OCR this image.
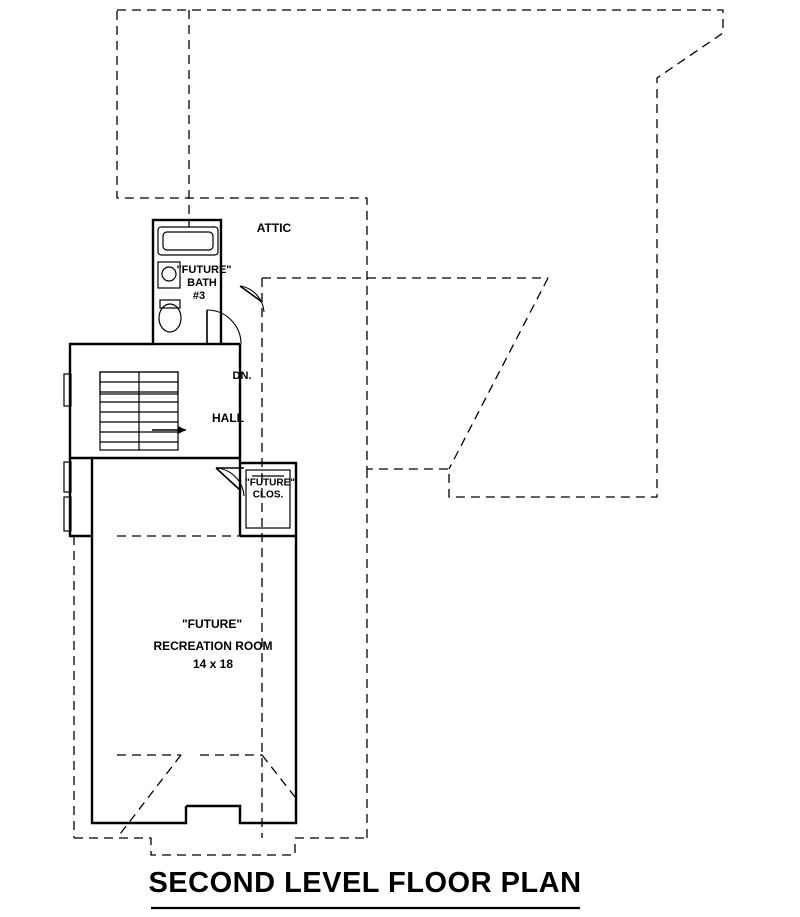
ATTIC
"FUTURE"
BATH
#3
DN.
HALL
"FUTURE"
CLOS.
"FUTURE"
RECREATION ROOM
14 x 18
SECOND LEVEL FLOOR PLAN
